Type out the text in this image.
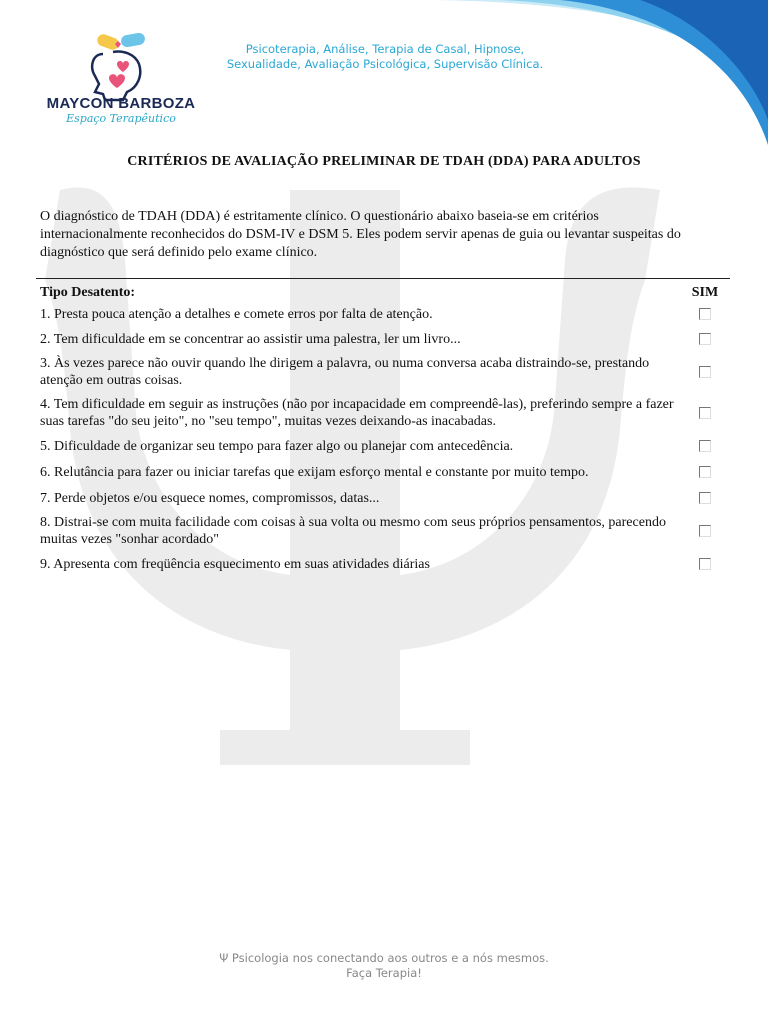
MAYCON BARBOZA
Espaço Terapêutico
Psicoterapia, Análise, Terapia de Casal, Hipnose,
Sexualidade, Avaliação Psicológica, Supervisão Clínica.
CRITÉRIOS DE AVALIAÇÃO PRELIMINAR DE TDAH (DDA) PARA ADULTOS
O diagnóstico de TDAH (DDA) é estritamente clínico. O questionário abaixo baseia-se em critérios internacionalmente reconhecidos do DSM-IV e DSM 5. Eles podem servir apenas de guia ou levantar suspeitas do diagnóstico que será definido pelo exame clínico.
Tipo Desatento:	SIM
1. Presta pouca atenção a detalhes e comete erros por falta de atenção.
2. Tem dificuldade em se concentrar ao assistir uma palestra, ler um livro...
3. Às vezes parece não ouvir quando lhe dirigem a palavra, ou numa conversa acaba distraindo-se, prestando atenção em outras coisas.
4. Tem dificuldade em seguir as instruções (não por incapacidade em compreendê-las), preferindo sempre a fazer suas tarefas "do seu jeito", no "seu tempo", muitas vezes deixando-as inacabadas.
5. Dificuldade de organizar seu tempo para fazer algo ou planejar com antecedência.
6. Relutância para fazer ou iniciar tarefas que exijam esforço mental e constante por muito tempo.
7. Perde objetos e/ou esquece nomes, compromissos, datas...
8. Distrai-se com muita facilidade com coisas à sua volta ou mesmo com seus próprios pensamentos, parecendo muitas vezes "sonhar acordado"
9. Apresenta com freqüência esquecimento em suas atividades diárias
Ψ Psicologia nos conectando aos outros e a nós mesmos.
Faça Terapia!
